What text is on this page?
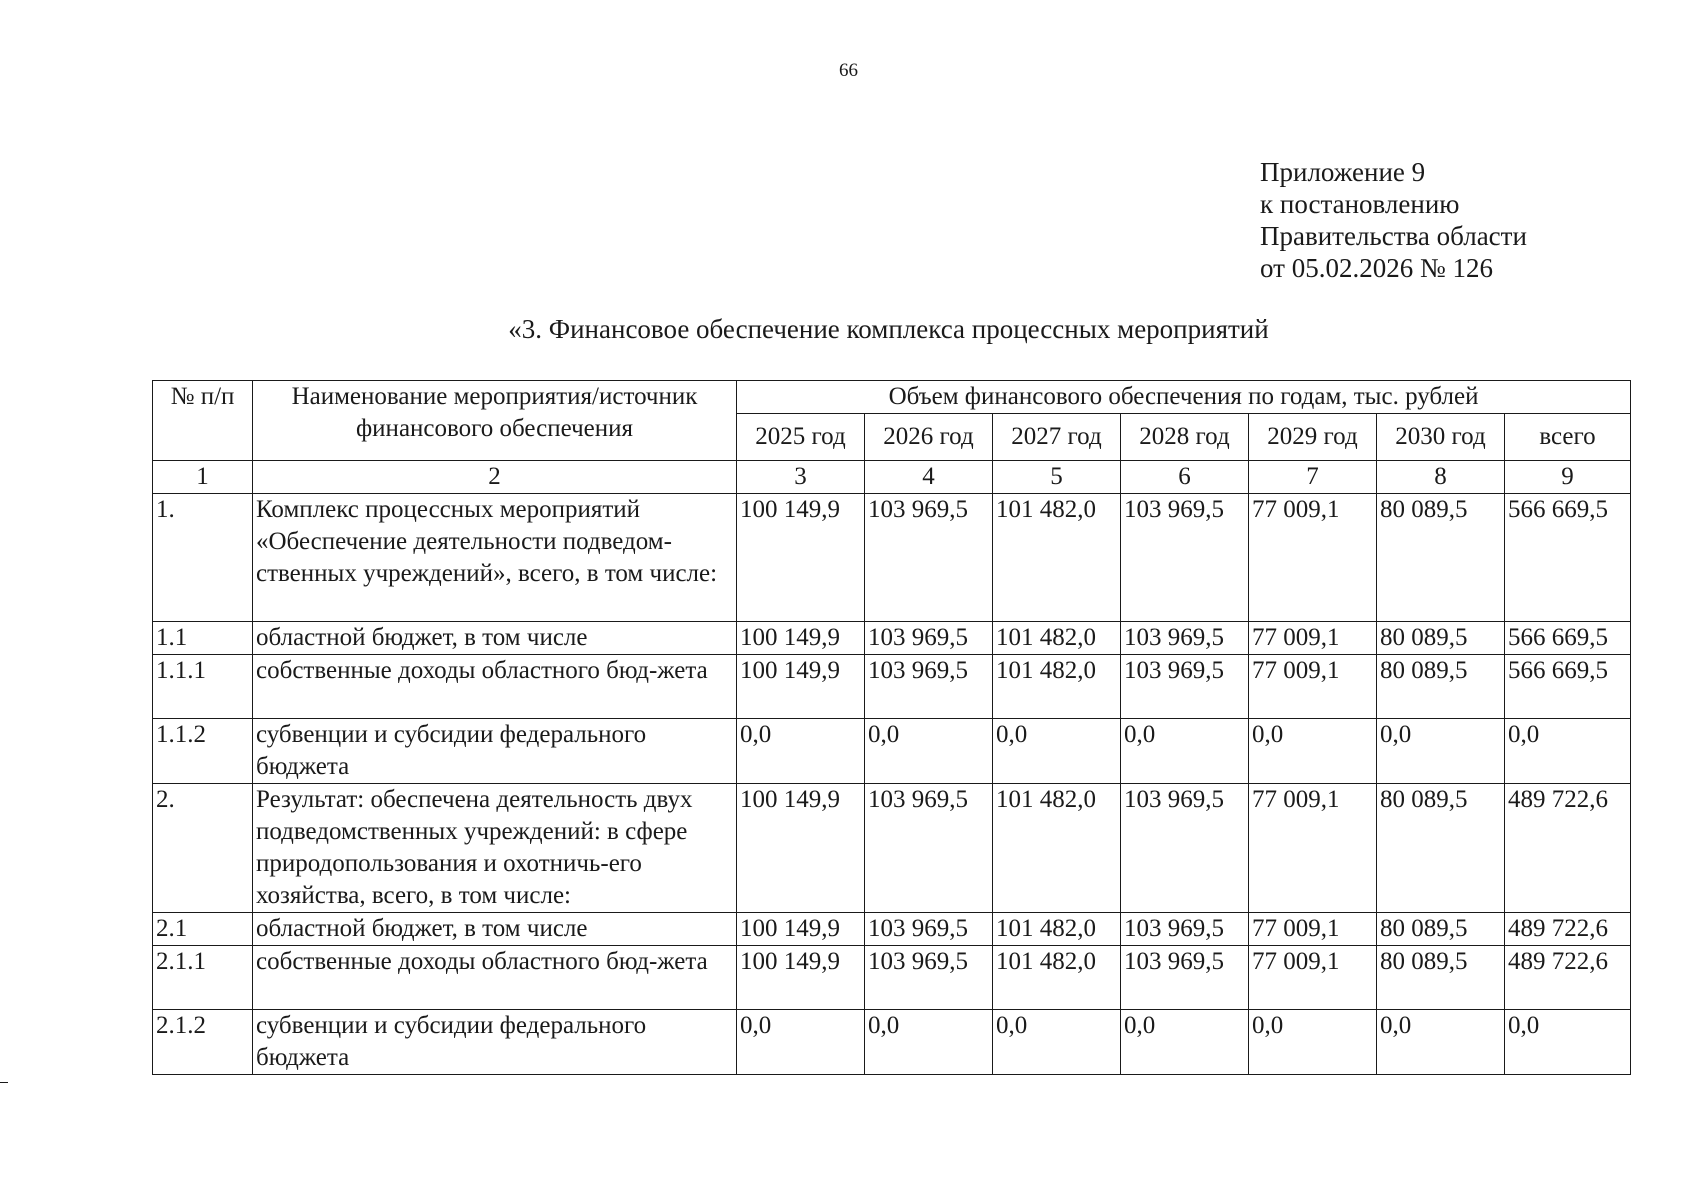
66
Приложение 9
к постановлению
Правительства области
от 05.02.2026 № 126
«3. Финансовое обеспечение комплекса процессных мероприятий
№ п/п	Наименование мероприятия/источник финансового обеспечения	Объем финансового обеспечения по годам, тыс. рублей						
		2025 год	2026 год	2027 год	2028 год	2029 год	2030 год	всего
1	2	3	4	5	6	7	8	9
1.	Комплекс процессных мероприятий «Обеспечение деятельности подведом-ственных учреждений», всего, в том числе:	100 149,9	103 969,5	101 482,0	103 969,5	77 009,1	80 089,5	566 669,5
1.1	областной бюджет, в том числе	100 149,9	103 969,5	101 482,0	103 969,5	77 009,1	80 089,5	566 669,5
1.1.1	собственные доходы областного бюд-жета	100 149,9	103 969,5	101 482,0	103 969,5	77 009,1	80 089,5	566 669,5
1.1.2	субвенции и субсидии федерального бюджета	0,0	0,0	0,0	0,0	0,0	0,0	0,0
2.	Результат: обеспечена деятельность двух подведомственных учреждений: в сфере природопользования и охотничь-его хозяйства, всего, в том числе:	100 149,9	103 969,5	101 482,0	103 969,5	77 009,1	80 089,5	489 722,6
2.1	областной бюджет, в том числе	100 149,9	103 969,5	101 482,0	103 969,5	77 009,1	80 089,5	489 722,6
2.1.1	собственные доходы областного бюд-жета	100 149,9	103 969,5	101 482,0	103 969,5	77 009,1	80 089,5	489 722,6
2.1.2	субвенции и субсидии федерального бюджета	0,0	0,0	0,0	0,0	0,0	0,0	0,0
